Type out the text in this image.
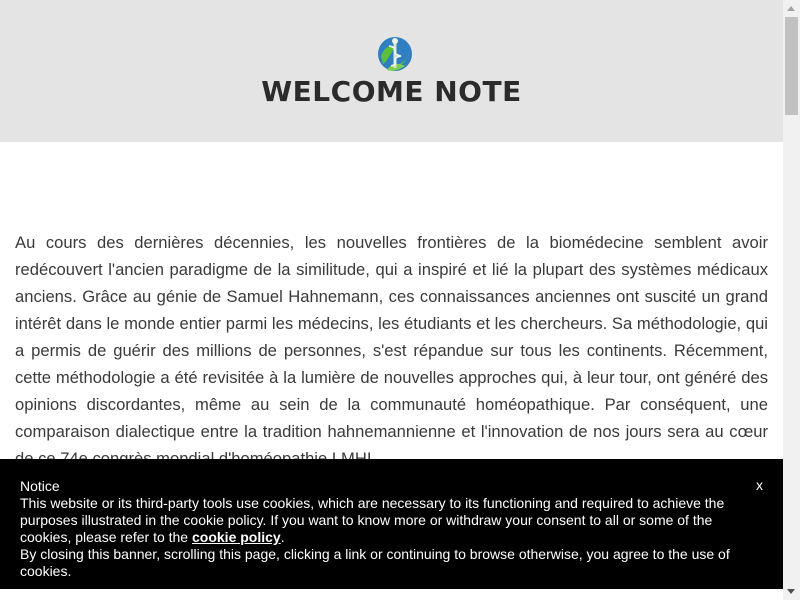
WELCOME NOTE

Au cours des dernières décennies, les nouvelles frontières de la biomédecine semblent avoir redécouvert l'ancien paradigme de la similitude, qui a inspiré et lié la plupart des systèmes médicaux anciens. Grâce au génie de Samuel Hahnemann, ces connaissances anciennes ont suscité un grand intérêt dans le monde entier parmi les médecins, les étudiants et les chercheurs. Sa méthodologie, qui a permis de guérir des millions de personnes, s'est répandue sur tous les continents. Récemment, cette méthodologie a été revisitée à la lumière de nouvelles approches qui, à leur tour, ont généré des opinions discordantes, même au sein de la communauté homéopathique. Par conséquent, une comparaison dialectique entre la tradition hahnemannienne et l'innovation de nos jours sera au cœur

Notice
This website or its third-party tools use cookies, which are necessary to its functioning and required to achieve the purposes illustrated in the cookie policy. If you want to know more or withdraw your consent to all or some of the cookies, please refer to the cookie policy.
By closing this banner, scrolling this page, clicking a link or continuing to browse otherwise, you agree to the use of cookies.
x
